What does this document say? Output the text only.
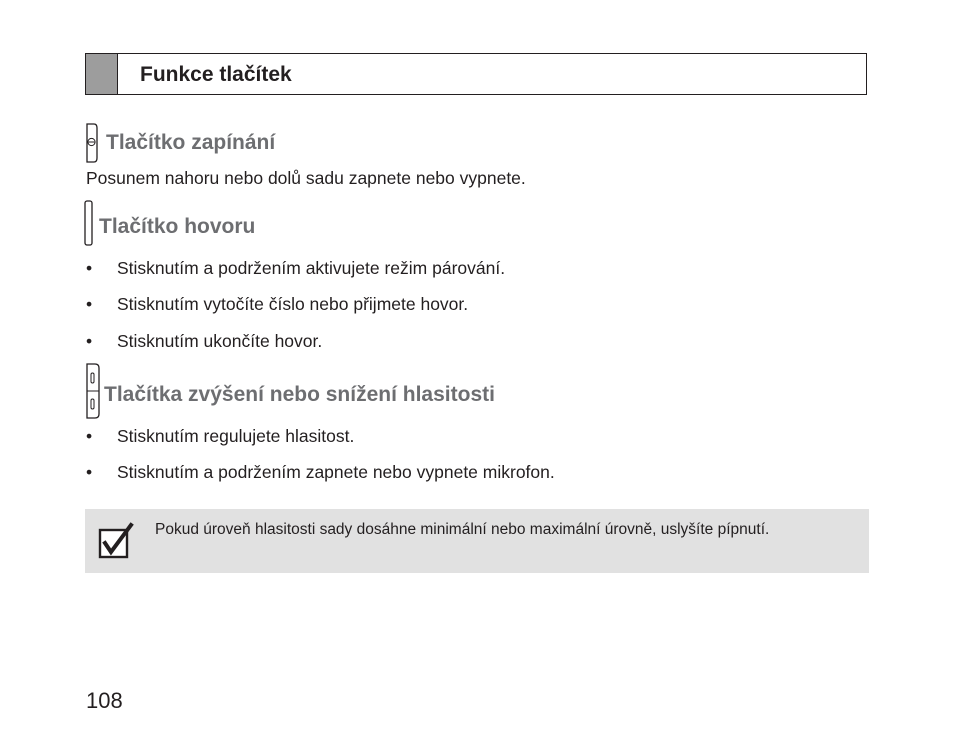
Funkce tlačítek
Tlačítko zapínání
Posunem nahoru nebo dolů sadu zapnete nebo vypnete.
Tlačítko hovoru
• Stisknutím a podržením aktivujete režim párování.
• Stisknutím vytočíte číslo nebo přijmete hovor.
• Stisknutím ukončíte hovor.
Tlačítka zvýšení nebo snížení hlasitosti
• Stisknutím regulujete hlasitost.
• Stisknutím a podržením zapnete nebo vypnete mikrofon.
Pokud úroveň hlasitosti sady dosáhne minimální nebo maximální úrovně, uslyšíte pípnutí.
108
